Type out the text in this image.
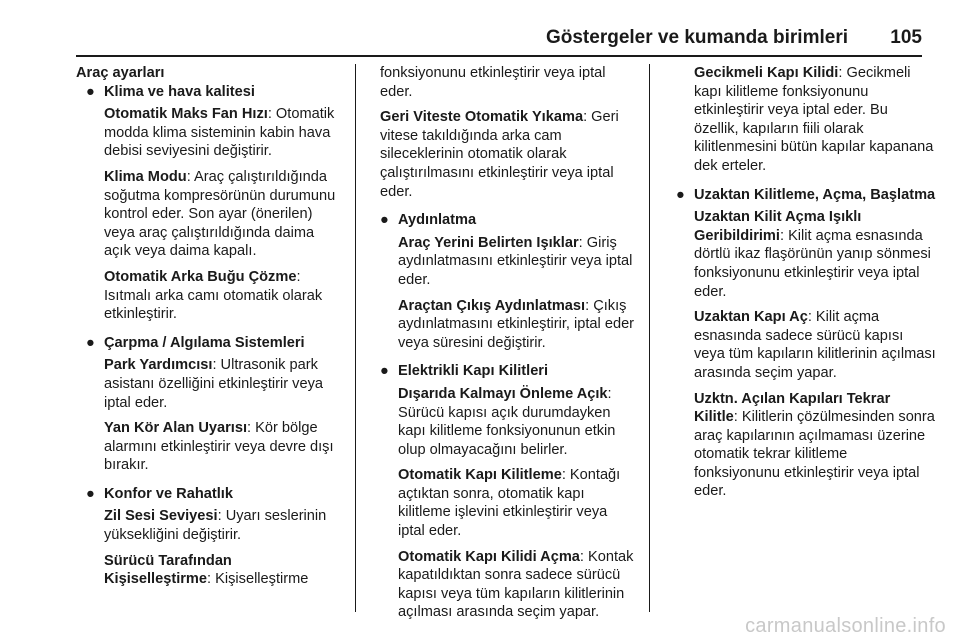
Göstergeler ve kumanda birimleri 105
Araç ayarları
● Klima ve hava kalitesi
Otomatik Maks Fan Hızı: Otomatik modda klima sisteminin kabin hava debisi seviyesini değiştirir.
Klima Modu: Araç çalıştırıldığında soğutma kompresörünün durumunu kontrol eder. Son ayar (önerilen) veya araç çalıştırıldığında daima açık veya daima kapalı.
Otomatik Arka Buğu Çözme: Isıtmalı arka camı otomatik olarak etkinleştirir.
● Çarpma / Algılama Sistemleri
Park Yardımcısı: Ultrasonik park asistanı özelliğini etkinleştirir veya iptal eder.
Yan Kör Alan Uyarısı: Kör bölge alarmını etkinleştirir veya devre dışı bırakır.
● Konfor ve Rahatlık
Zil Sesi Seviyesi: Uyarı seslerinin yüksekliğini değiştirir.
Sürücü Tarafından
Kişiselleştirme: Kişiselleştirme
fonksiyonunu etkinleştirir veya iptal eder.
Geri Viteste Otomatik Yıkama: Geri vitese takıldığında arka cam sileceklerinin otomatik olarak çalıştırılmasını etkinleştirir veya iptal eder.
● Aydınlatma
Araç Yerini Belirten Işıklar: Giriş aydınlatmasını etkinleştirir veya iptal eder.
Araçtan Çıkış Aydınlatması: Çıkış aydınlatmasını etkinleştirir, iptal eder veya süresini değiştirir.
● Elektrikli Kapı Kilitleri
Dışarıda Kalmayı Önleme Açık: Sürücü kapısı açık durumdayken kapı kilitleme fonksiyonunun etkin olup olmayacağını belirler.
Otomatik Kapı Kilitleme: Kontağı açtıktan sonra, otomatik kapı kilitleme işlevini etkinleştirir veya iptal eder.
Otomatik Kapı Kilidi Açma: Kontak kapatıldıktan sonra sadece sürücü kapısı veya tüm kapıların kilitlerinin açılması arasında seçim yapar.
Gecikmeli Kapı Kilidi: Gecikmeli kapı kilitleme fonksiyonunu etkinleştirir veya iptal eder. Bu özellik, kapıların fiili olarak kilitlenmesini bütün kapılar kapanana dek erteler.
● Uzaktan Kilitleme, Açma, Başlatma
Uzaktan Kilit Açma Işıklı Geribildirimi: Kilit açma esnasında dörtlü ikaz flaşörünün yanıp sönmesi fonksiyonunu etkinleştirir veya iptal eder.
Uzaktan Kapı Aç: Kilit açma esnasında sadece sürücü kapısı veya tüm kapıların kilitlerinin açılması arasında seçim yapar.
Uzktn. Açılan Kapıları Tekrar Kilitle: Kilitlerin çözülmesinden sonra araç kapılarının açılmaması üzerine otomatik tekrar kilitleme fonksiyonunu etkinleştirir veya iptal eder.
carmanualsonline.info
